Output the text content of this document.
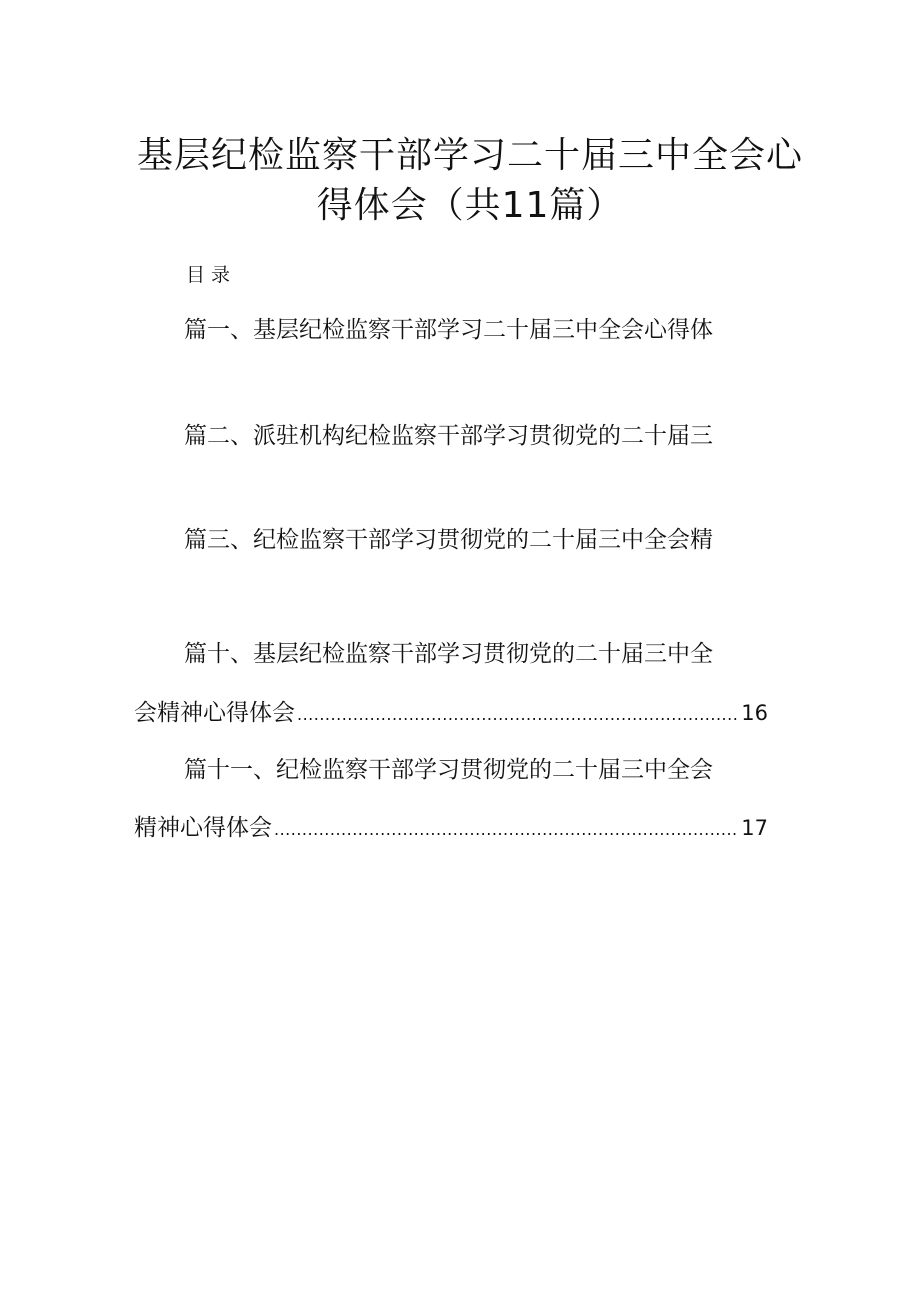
基层纪检监察干部学习二十届三中全会心
得体会（共11篇）
目录
篇一、基层纪检监察干部学习二十届三中全会心得体
篇二、派驻机构纪检监察干部学习贯彻党的二十届三
篇三、纪检监察干部学习贯彻党的二十届三中全会精
篇十、基层纪检监察干部学习贯彻党的二十届三中全
会精神心得体会 .....	16
篇十一、纪检监察干部学习贯彻党的二十届三中全会
精神心得体会 .....	17
